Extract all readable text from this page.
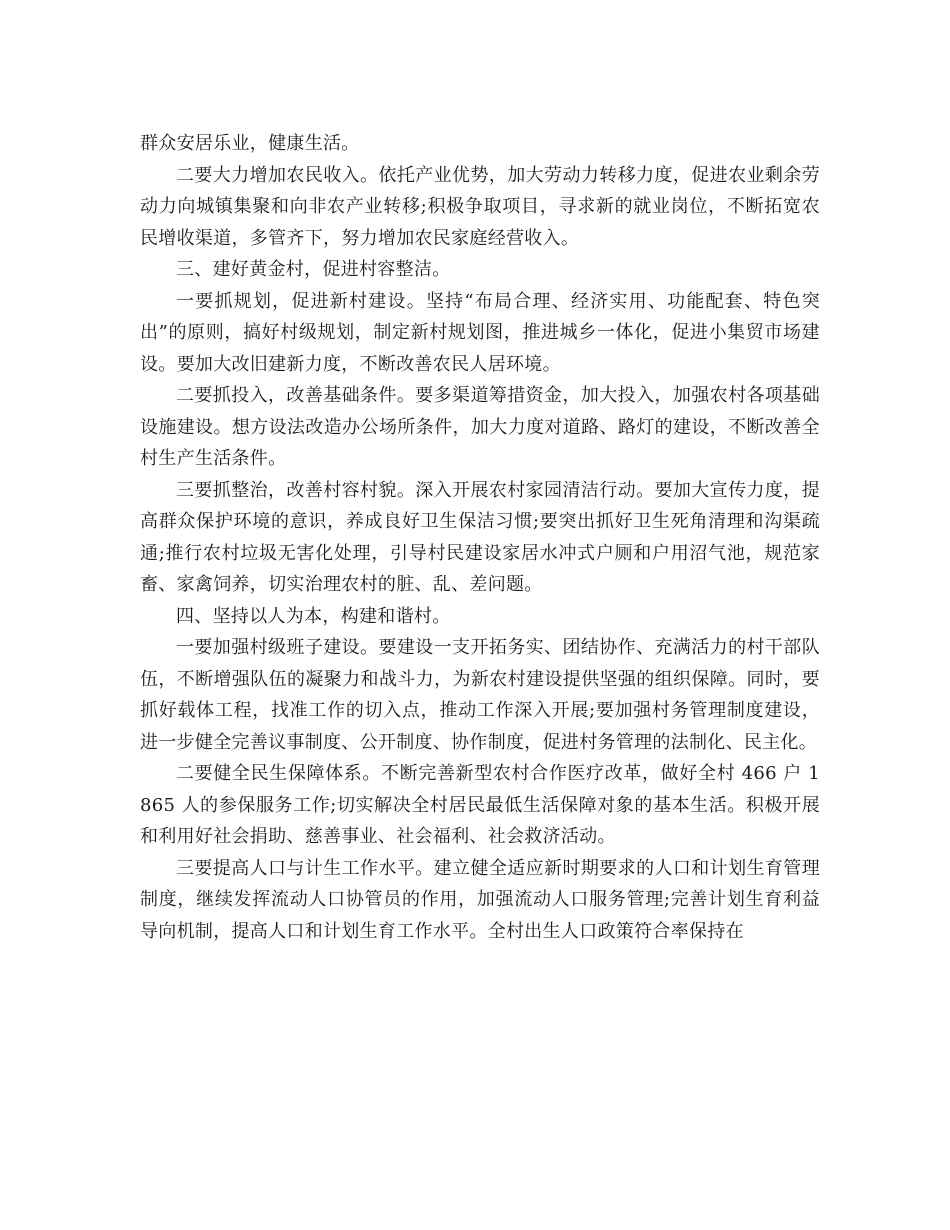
群众安居乐业，健康生活。

二要大力增加农民收入。依托产业优势，加大劳动力转移力度，促进农业剩余劳动力向城镇集聚和向非农产业转移;积极争取项目，寻求新的就业岗位，不断拓宽农民增收渠道，多管齐下，努力增加农民家庭经营收入。

三、建好黄金村，促进村容整洁。

一要抓规划，促进新村建设。坚持“布局合理、经济实用、功能配套、特色突出”的原则，搞好村级规划，制定新村规划图，推进城乡一体化，促进小集贸市场建设。要加大改旧建新力度，不断改善农民人居环境。

二要抓投入，改善基础条件。要多渠道筹措资金，加大投入，加强农村各项基础设施建设。想方设法改造办公场所条件，加大力度对道路、路灯的建设，不断改善全村生产生活条件。

三要抓整治，改善村容村貌。深入开展农村家园清洁行动。要加大宣传力度，提高群众保护环境的意识，养成良好卫生保洁习惯;要突出抓好卫生死角清理和沟渠疏通;推行农村垃圾无害化处理，引导村民建设家居水冲式户厕和户用沼气池，规范家畜、家禽饲养，切实治理农村的脏、乱、差问题。

四、坚持以人为本，构建和谐村。

一要加强村级班子建设。要建设一支开拓务实、团结协作、充满活力的村干部队伍，不断增强队伍的凝聚力和战斗力，为新农村建设提供坚强的组织保障。同时，要抓好载体工程，找准工作的切入点，推动工作深入开展;要加强村务管理制度建设，进一步健全完善议事制度、公开制度、协作制度，促进村务管理的法制化、民主化。

二要健全民生保障体系。不断完善新型农村合作医疗改革，做好全村 466 户 1865 人的参保服务工作;切实解决全村居民最低生活保障对象的基本生活。积极开展和利用好社会捐助、慈善事业、社会福利、社会救济活动。

三要提高人口与计生工作水平。建立健全适应新时期要求的人口和计划生育管理制度，继续发挥流动人口协管员的作用，加强流动人口服务管理;完善计划生育利益导向机制，提高人口和计划生育工作水平。全村出生人口政策符合率保持在
